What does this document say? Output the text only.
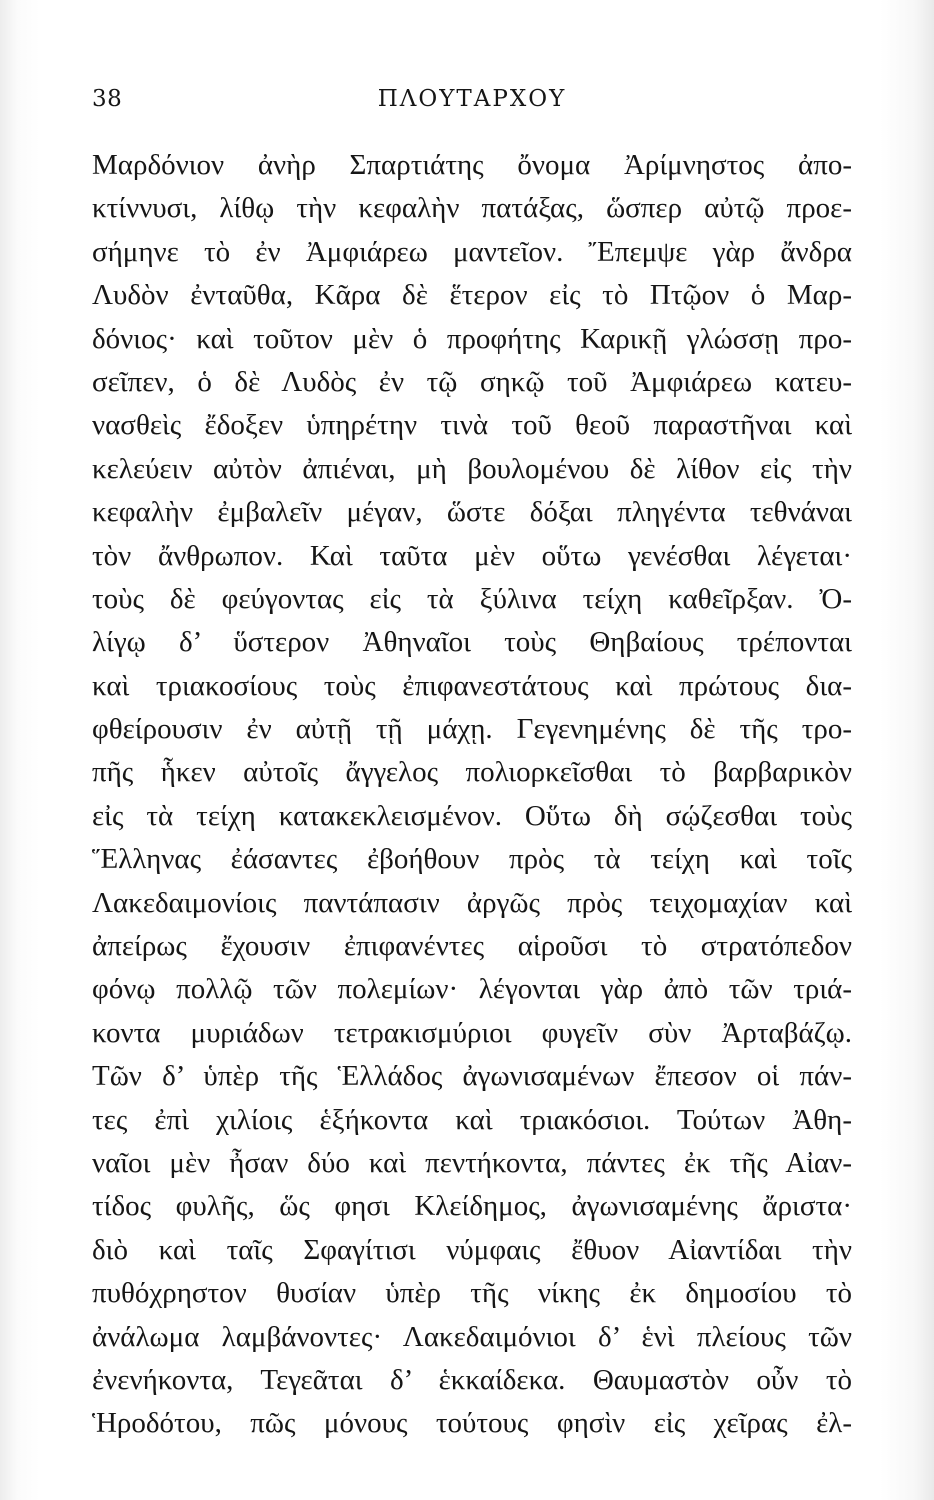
38	ΠΛΟΥΤΑΡΧΟΥ
Μαρδόνιον ἀνὴρ Σπαρτιάτης ὄνομα Ἀρίμνηστος ἀπο-
κτίννυσι, λίθῳ τὴν κεφαλὴν πατάξας, ὥσπερ αὐτῷ προε-
σήμηνε τὸ ἐν Ἀμφιάρεω μαντεῖον. Ἔπεμψε γὰρ ἄνδρα
Λυδὸν ἐνταῦθα, Κᾶρα δὲ ἕτερον εἰς τὸ Πτῷον ὁ Μαρ-
δόνιος· καὶ τοῦτον μὲν ὁ προφήτης Καρικῇ γλώσσῃ προ-
σεῖπεν, ὁ δὲ Λυδὸς ἐν τῷ σηκῷ τοῦ Ἀμφιάρεω κατευ-
νασθεὶς ἔδοξεν ὑπηρέτην τινὰ τοῦ θεοῦ παραστῆναι καὶ
κελεύειν αὐτὸν ἀπιέναι, μὴ βουλομένου δὲ λίθον εἰς τὴν
κεφαλὴν ἐμβαλεῖν μέγαν, ὥστε δόξαι πληγέντα τεθνάναι
τὸν ἄνθρωπον. Καὶ ταῦτα μὲν οὕτω γενέσθαι λέγεται·
τοὺς δὲ φεύγοντας εἰς τὰ ξύλινα τείχη καθεῖρξαν. Ὀ-
λίγῳ δ’ ὕστερον Ἀθηναῖοι τοὺς Θηβαίους τρέπονται
καὶ τριακοσίους τοὺς ἐπιφανεστάτους καὶ πρώτους δια-
φθείρουσιν ἐν αὐτῇ τῇ μάχῃ. Γεγενημένης δὲ τῆς τρο-
πῆς ἧκεν αὐτοῖς ἄγγελος πολιορκεῖσθαι τὸ βαρβαρικὸν
εἰς τὰ τείχη κατακεκλεισμένον. Οὕτω δὴ σῴζεσθαι τοὺς
Ἕλληνας ἐάσαντες ἐβοήθουν πρὸς τὰ τείχη καὶ τοῖς
Λακεδαιμονίοις παντάπασιν ἀργῶς πρὸς τειχομαχίαν καὶ
ἀπείρως ἔχουσιν ἐπιφανέντες αἱροῦσι τὸ στρατόπεδον
φόνῳ πολλῷ τῶν πολεμίων· λέγονται γὰρ ἀπὸ τῶν τριά-
κοντα μυριάδων τετρακισμύριοι φυγεῖν σὺν Ἀρταβάζῳ.
Τῶν δ’ ὑπὲρ τῆς Ἑλλάδος ἀγωνισαμένων ἔπεσον οἱ πάν-
τες ἐπὶ χιλίοις ἑξήκοντα καὶ τριακόσιοι. Τούτων Ἀθη-
ναῖοι μὲν ἦσαν δύο καὶ πεντήκοντα, πάντες ἐκ τῆς Αἰαν-
τίδος φυλῆς, ὥς φησι Κλείδημος, ἀγωνισαμένης ἄριστα·
διὸ καὶ ταῖς Σφαγίτισι νύμφαις ἔθυον Αἰαντίδαι τὴν
πυθόχρηστον θυσίαν ὑπὲρ τῆς νίκης ἐκ δημοσίου τὸ
ἀνάλωμα λαμβάνοντες· Λακεδαιμόνιοι δ’ ἑνὶ πλείους τῶν
ἐνενήκοντα, Τεγεᾶται δ’ ἑκκαίδεκα. Θαυμαστὸν οὖν τὸ
Ἡροδότου, πῶς μόνους τούτους φησὶν εἰς χεῖρας ἐλ-
